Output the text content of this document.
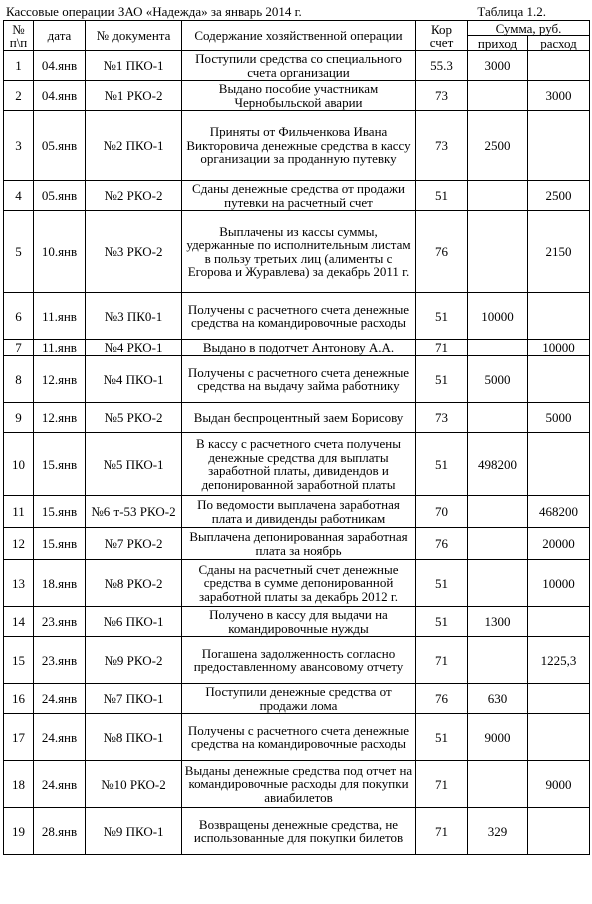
Кассовые операции ЗАО «Надежда» за январь 2014 г.	Таблица 1.2.
№ п\п	дата	№ документа	Содержание хозяйственной операции	Кор счет	Сумма, руб.	
					приход	расход
1	04.янв	№1 ПКО-1	Поступили средства со специального счета организации	55.3	3000	
2	04.янв	№1 РКО-2	Выдано пособие участникам Чернобыльской аварии	73		3000
3	05.янв	№2 ПКО-1	Приняты от Фильченкова Ивана Викторовича денежные средства в кассу организации за проданную путевку	73	2500	
4	05.янв	№2 РКО-2	Сданы денежные средства от продажи путевки на расчетный счет	51		2500
5	10.янв	№3 РКО-2	Выплачены из кассы суммы, удержанные по исполнительным листам в пользу третьих лиц (алименты с Егорова и Журавлева) за декабрь 2011 г.	76		2150
6	11.янв	№3 ПК0-1	Получены с расчетного счета денежные средства на командировочные расходы	51	10000	
7	11.янв	№4 РКО-1	Выдано в подотчет Антонову А.А.	71		10000
8	12.янв	№4 ПКО-1	Получены с расчетного счета денежные средства на выдачу займа работнику	51	5000	
9	12.янв	№5 РКО-2	Выдан беспроцентный заем Борисову	73		5000
10	15.янв	№5 ПКО-1	В кассу с расчетного счета получены денежные средства для выплаты заработной платы, дивидендов и депонированной заработной платы	51	498200	
11	15.янв	№6 т-53 РКО-2	По ведомости выплачена заработная плата и дивиденды работникам	70		468200
12	15.янв	№7 РКО-2	Выплачена депонированная заработная плата за ноябрь	76		20000
13	18.янв	№8 РКО-2	Сданы на расчетный счет денежные средства в сумме депонированной заработной платы за декабрь 2012 г.	51		10000
14	23.янв	№6 ПКО-1	Получено в кассу для выдачи на командировочные нужды	51	1300	
15	23.янв	№9 РКО-2	Погашена задолженность согласно предоставленному авансовому отчету	71		1225,3
16	24.янв	№7 ПКО-1	Поступили денежные средства от продажи лома	76	630	
17	24.янв	№8 ПКО-1	Получены с расчетного счета денежные средства на командировочные расходы	51	9000	
18	24.янв	№10 РКО-2	Выданы денежные средства под отчет на командировочные расходы для покупки авиабилетов	71		9000
19	28.янв	№9 ПКО-1	Возвращены денежные средства, не использованные для покупки билетов	71	329	
